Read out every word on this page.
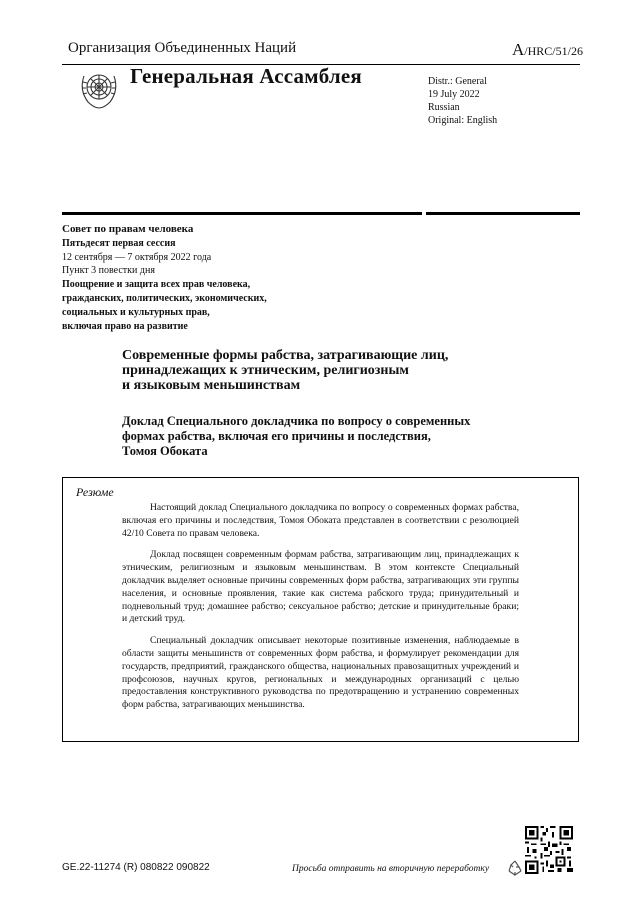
Организация Объединенных Наций	A/HRC/51/26
Генеральная Ассамблея	Distr.: General
19 July 2022
Russian
Original: English
Совет по правам человека
Пятьдесят первая сессия
12 сентября — 7 октября 2022 года
Пункт 3 повестки дня
Поощрение и защита всех прав человека,
гражданских, политических, экономических,
социальных и культурных прав,
включая право на развитие
Современные формы рабства, затрагивающие лиц,
принадлежащих к этническим, религиозным
и языковым меньшинствам
Доклад Специального докладчика по вопросу о современных
формах рабства, включая его причины и последствия,
Томоя Обоката
Резюме

Настоящий доклад Специального докладчика по вопросу о современных формах рабства, включая его причины и последствия, Томоя Обоката представлен в соответствии с резолюцией 42/10 Совета по правам человека.

Доклад посвящен современным формам рабства, затрагивающим лиц, принадлежащих к этническим, религиозным и языковым меньшинствам. В этом контексте Специальный докладчик выделяет основные причины современных форм рабства, затрагивающих эти группы населения, и основные проявления, такие как система рабского труда; принудительный и подневольный труд; домашнее рабство; сексуальное рабство; детские и принудительные браки; и детский труд.

Специальный докладчик описывает некоторые позитивные изменения, наблюдаемые в области защиты меньшинств от современных форм рабства, и формулирует рекомендации для государств, предприятий, гражданского общества, национальных правозащитных учреждений и профсоюзов, научных кругов, региональных и международных организаций с целью предоставления конструктивного руководства по предотвращению и устранению современных форм рабства, затрагивающих меньшинства.

GE.22-11274 (R) 080822 090822	Просьба отправить на вторичную переработку
